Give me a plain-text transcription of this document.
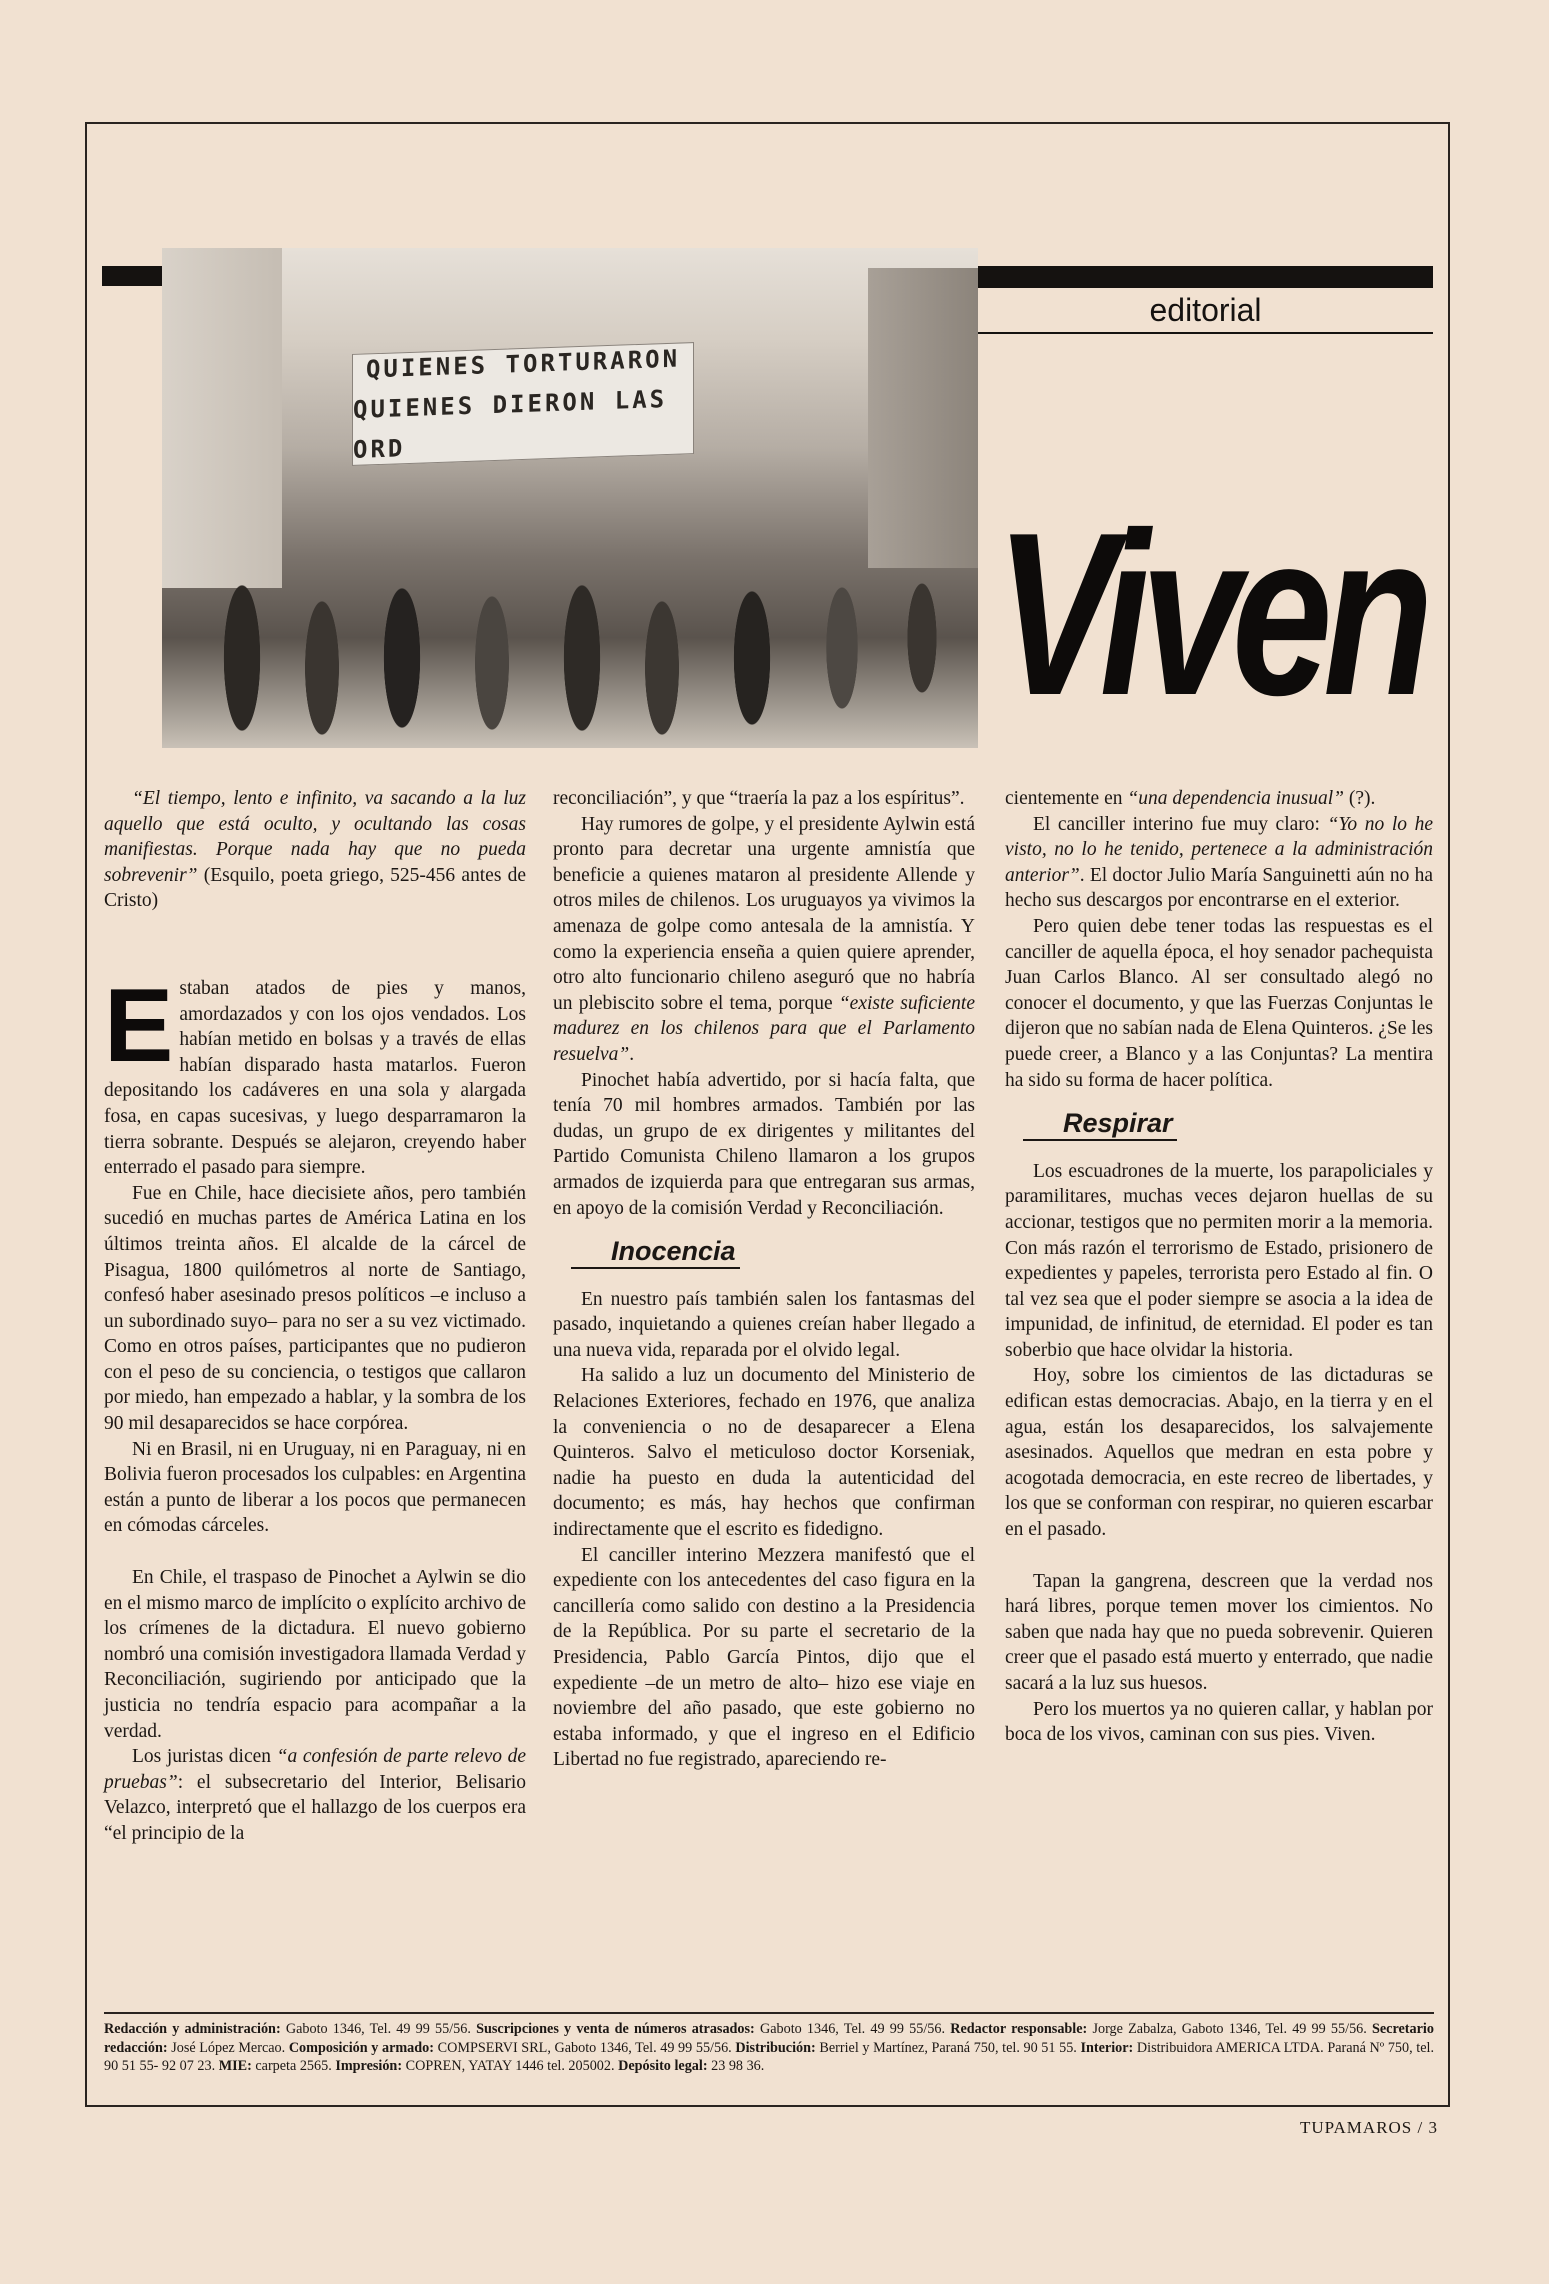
QUIENES TORTURARON
QUIENES DIERON LAS ORD
editorial
Viven

“El tiempo, lento e infinito, va sacando a la luz aquello que está oculto, y ocultando las cosas manifiestas. Porque nada hay que no pueda sobrevenir” (Esquilo, poeta griego, 525-456 antes de Cristo)

Estaban atados de pies y manos, amordazados y con los ojos vendados. Los habían metido en bolsas y a través de ellas habían disparado hasta matarlos. Fueron depositando los cadáveres en una sola y alargada fosa, en capas sucesivas, y luego desparramaron la tierra sobrante. Después se alejaron, creyendo haber enterrado el pasado para siempre.

Fue en Chile, hace diecisiete años, pero también sucedió en muchas partes de América Latina en los últimos treinta años. El alcalde de la cárcel de Pisagua, 1800 quilómetros al norte de Santiago, confesó haber asesinado presos políticos –e incluso a un subordinado suyo– para no ser a su vez victimado. Como en otros países, participantes que no pudieron con el peso de su conciencia, o testigos que callaron por miedo, han empezado a hablar, y la sombra de los 90 mil desaparecidos se hace corpórea.

Ni en Brasil, ni en Uruguay, ni en Paraguay, ni en Bolivia fueron procesados los culpables: en Argentina están a punto de liberar a los pocos que permanecen en cómodas cárceles.

En Chile, el traspaso de Pinochet a Aylwin se dio en el mismo marco de implícito o explícito archivo de los crímenes de la dictadura. El nuevo gobierno nombró una comisión investigadora llamada Verdad y Reconciliación, sugiriendo por anticipado que la justicia no tendría espacio para acompañar a la verdad.

Los juristas dicen “a confesión de parte relevo de pruebas”: el subsecretario del Interior, Belisario Velazco, interpretó que el hallazgo de los cuerpos era “el principio de la

reconciliación”, y que “traería la paz a los espíritus”.

Hay rumores de golpe, y el presidente Aylwin está pronto para decretar una urgente amnistía que beneficie a quienes mataron al presidente Allende y otros miles de chilenos. Los uruguayos ya vivimos la amenaza de golpe como antesala de la amnistía. Y como la experiencia enseña a quien quiere aprender, otro alto funcionario chileno aseguró que no habría un plebiscito sobre el tema, porque “existe suficiente madurez en los chilenos para que el Parlamento resuelva”.

Pinochet había advertido, por si hacía falta, que tenía 70 mil hombres armados. También por las dudas, un grupo de ex dirigentes y militantes del Partido Comunista Chileno llamaron a los grupos armados de izquierda para que entregaran sus armas, en apoyo de la comisión Verdad y Reconciliación.

Inocencia

En nuestro país también salen los fantasmas del pasado, inquietando a quienes creían haber llegado a una nueva vida, reparada por el olvido legal.

Ha salido a luz un documento del Ministerio de Relaciones Exteriores, fechado en 1976, que analiza la conveniencia o no de desaparecer a Elena Quinteros. Salvo el meticuloso doctor Korseniak, nadie ha puesto en duda la autenticidad del documento; es más, hay hechos que confirman indirectamente que el escrito es fidedigno.

El canciller interino Mezzera manifestó que el expediente con los antecedentes del caso figura en la cancillería como salido con destino a la Presidencia de la República. Por su parte el secretario de la Presidencia, Pablo García Pintos, dijo que el expediente –de un metro de alto– hizo ese viaje en noviembre del año pasado, que este gobierno no estaba informado, y que el ingreso en el Edificio Libertad no fue registrado, apareciendo re-

cientemente en “una dependencia inusual” (?).

El canciller interino fue muy claro: “Yo no lo he visto, no lo he tenido, pertenece a la administración anterior”. El doctor Julio María Sanguinetti aún no ha hecho sus descargos por encontrarse en el exterior.

Pero quien debe tener todas las respuestas es el canciller de aquella época, el hoy senador pachequista Juan Carlos Blanco. Al ser consultado alegó no conocer el documento, y que las Fuerzas Conjuntas le dijeron que no sabían nada de Elena Quinteros. ¿Se les puede creer, a Blanco y a las Conjuntas? La mentira ha sido su forma de hacer política.

Respirar

Los escuadrones de la muerte, los parapoliciales y paramilitares, muchas veces dejaron huellas de su accionar, testigos que no permiten morir a la memoria. Con más razón el terrorismo de Estado, prisionero de expedientes y papeles, terrorista pero Estado al fin. O tal vez sea que el poder siempre se asocia a la idea de impunidad, de infinitud, de eternidad. El poder es tan soberbio que hace olvidar la historia.

Hoy, sobre los cimientos de las dictaduras se edifican estas democracias. Abajo, en la tierra y en el agua, están los desaparecidos, los salvajemente asesinados. Aquellos que medran en esta pobre y acogotada democracia, en este recreo de libertades, y los que se conforman con respirar, no quieren escarbar en el pasado.

Tapan la gangrena, descreen que la verdad nos hará libres, porque temen mover los cimientos. No saben que nada hay que no pueda sobrevenir. Quieren creer que el pasado está muerto y enterrado, que nadie sacará a la luz sus huesos.

Pero los muertos ya no quieren callar, y hablan por boca de los vivos, caminan con sus pies. Viven.

Redacción y administración: Gaboto 1346, Tel. 49 99 55/56. Suscripciones y venta de números atrasados: Gaboto 1346, Tel. 49 99 55/56. Redactor responsable: Jorge Zabalza, Gaboto 1346, Tel. 49 99 55/56. Secretario redacción: José López Mercao. Composición y armado: COMPSERVI SRL, Gaboto 1346, Tel. 49 99 55/56. Distribución: Berriel y Martínez, Paraná 750, tel. 90 51 55. Interior: Distribuidora AMERICA LTDA. Paraná Nº 750, tel. 90 51 55- 92 07 23. MIE: carpeta 2565. Impresión: COPREN, YATAY 1446 tel. 205002. Depósito legal: 23 98 36.
TUPAMAROS / 3
